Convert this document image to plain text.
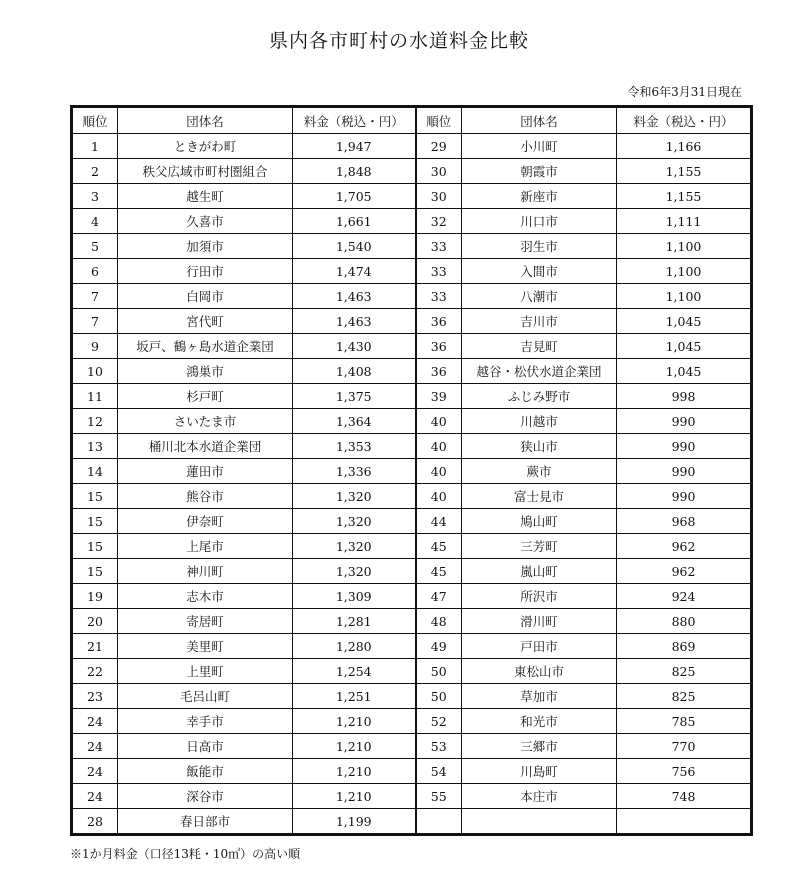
県内各市町村の水道料金比較
令和6年3月31日現在
順位	団体名	料金（税込・円）	順位	団体名	料金（税込・円）
1	ときがわ町	1,947	29	小川町	1,166
2	秩父広域市町村圏組合	1,848	30	朝霞市	1,155
3	越生町	1,705	30	新座市	1,155
4	久喜市	1,661	32	川口市	1,111
5	加須市	1,540	33	羽生市	1,100
6	行田市	1,474	33	入間市	1,100
7	白岡市	1,463	33	八潮市	1,100
7	宮代町	1,463	36	吉川市	1,045
9	坂戸、鶴ヶ島水道企業団	1,430	36	吉見町	1,045
10	鴻巣市	1,408	36	越谷・松伏水道企業団	1,045
11	杉戸町	1,375	39	ふじみ野市	998
12	さいたま市	1,364	40	川越市	990
13	桶川北本水道企業団	1,353	40	狭山市	990
14	蓮田市	1,336	40	蕨市	990
15	熊谷市	1,320	40	富士見市	990
15	伊奈町	1,320	44	鳩山町	968
15	上尾市	1,320	45	三芳町	962
15	神川町	1,320	45	嵐山町	962
19	志木市	1,309	47	所沢市	924
20	寄居町	1,281	48	滑川町	880
21	美里町	1,280	49	戸田市	869
22	上里町	1,254	50	東松山市	825
23	毛呂山町	1,251	50	草加市	825
24	幸手市	1,210	52	和光市	785
24	日高市	1,210	53	三郷市	770
24	飯能市	1,210	54	川島町	756
24	深谷市	1,210	55	本庄市	748
28	春日部市	1,199			
※1か月料金（口径13粍・10㎥）の高い順
